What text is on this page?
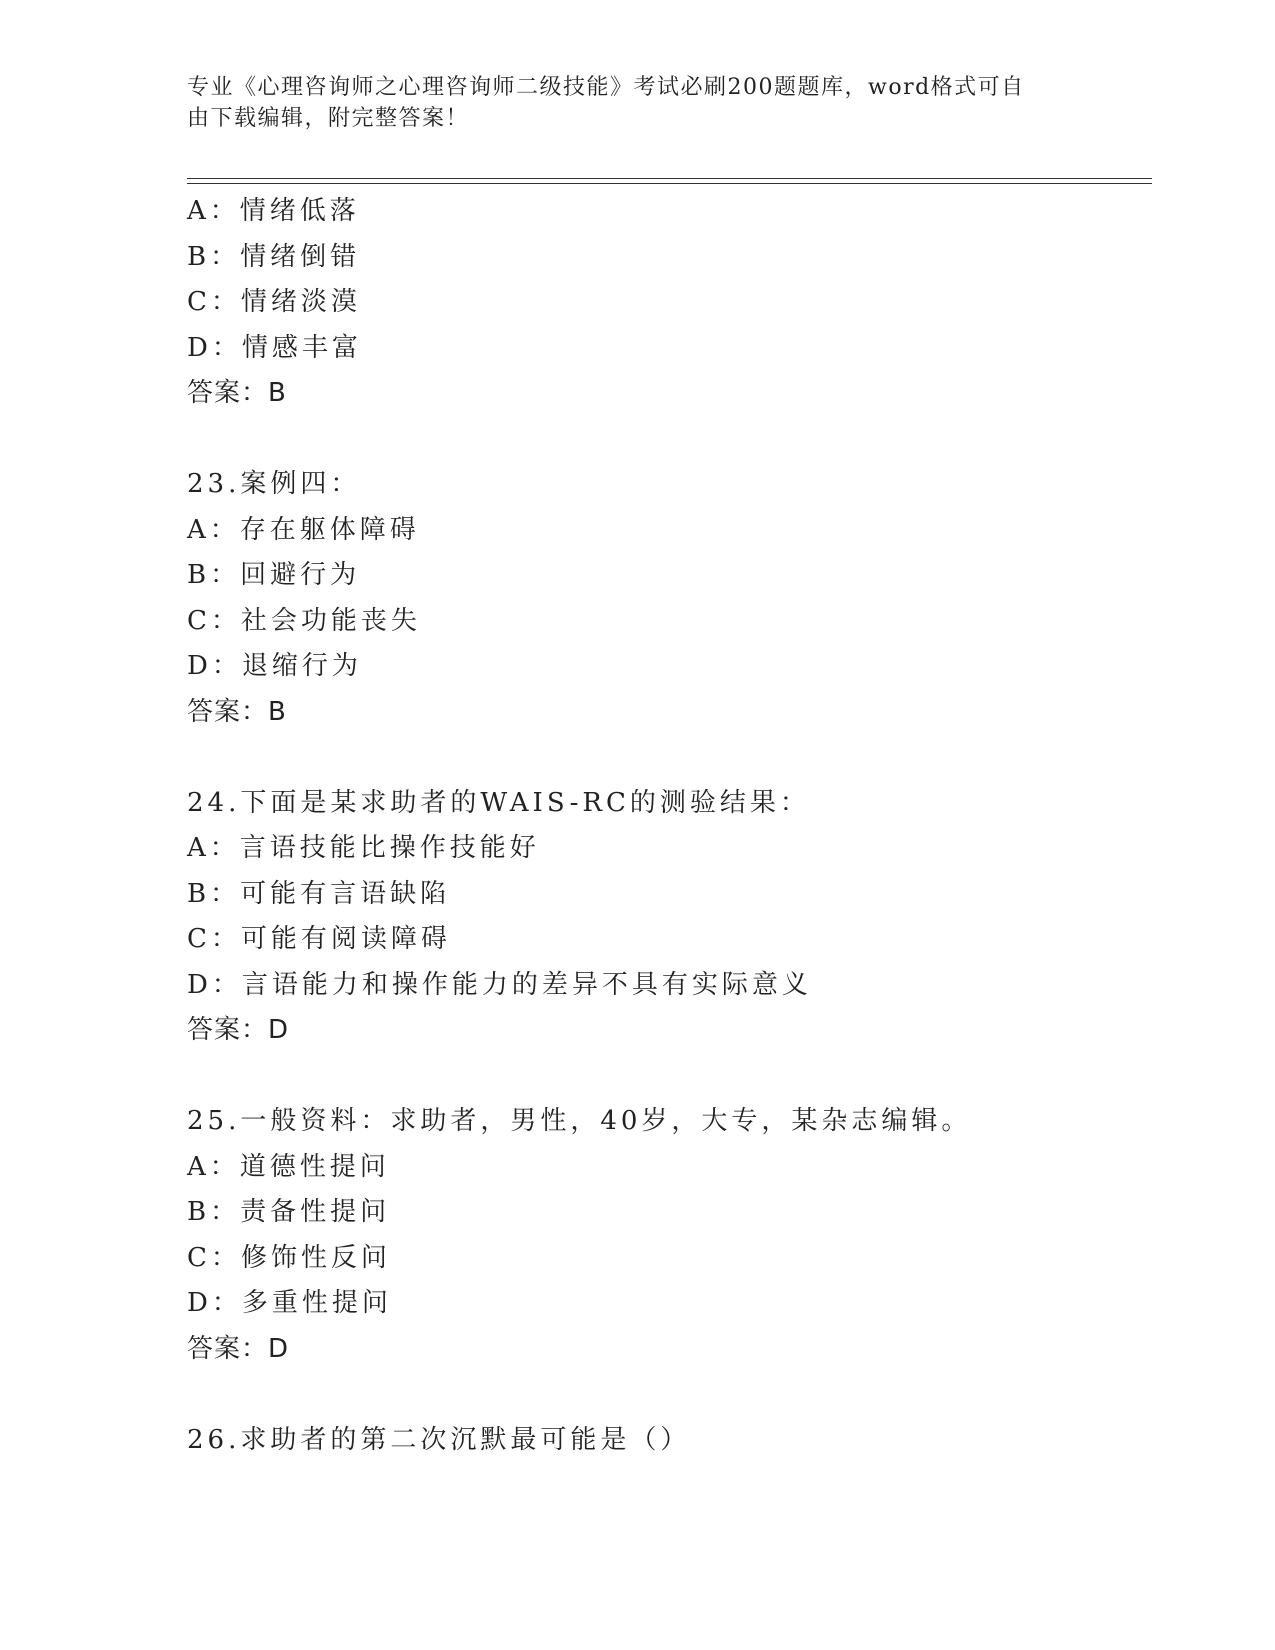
专业《心理咨询师之心理咨询师二级技能》考试必刷200题题库，word格式可自
由下载编辑，附完整答案！
A：情绪低落
B：情绪倒错
C：情绪淡漠
D：情感丰富
答案：B
23.案例四：
A：存在躯体障碍
B：回避行为
C：社会功能丧失
D：退缩行为
答案：B
24.下面是某求助者的WAIS-RC的测验结果：
A：言语技能比操作技能好
B：可能有言语缺陷
C：可能有阅读障碍
D：言语能力和操作能力的差异不具有实际意义
答案：D
25.一般资料：求助者，男性，40岁，大专，某杂志编辑。
A：道德性提问
B：责备性提问
C：修饰性反问
D：多重性提问
答案：D
26.求助者的第二次沉默最可能是（）
